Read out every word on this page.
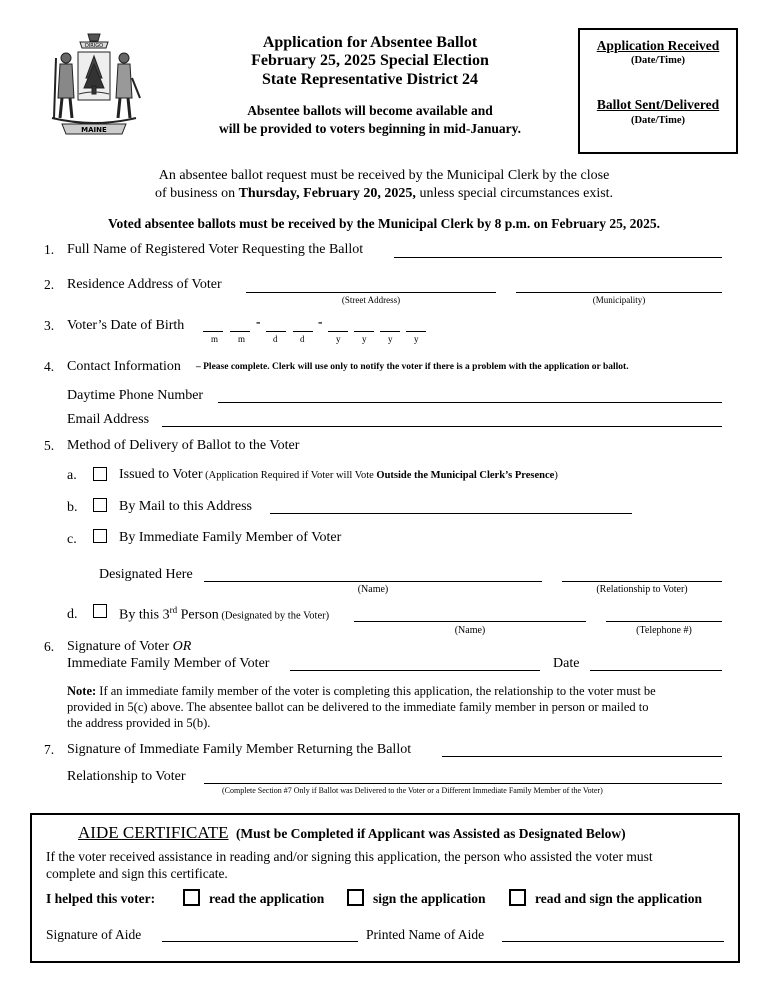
DIRIGO
MAINE
Application for Absentee Ballot
February 25, 2025 Special Election
State Representative District 24
Absentee ballots will become available and
will be provided to voters beginning in mid-January.
Application Received
(Date/Time)
Ballot Sent/Delivered
(Date/Time)
An absentee ballot request must be received by the Municipal Clerk by the close
of business on Thursday, February 20, 2025, unless special circumstances exist.
Voted absentee ballots must be received by the Municipal Clerk by 8 p.m. on February 25, 2025.
1. Full Name of Registered Voter Requesting the Ballot
2. Residence Address of Voter
(Street Address)	(Municipality)
3. Voter’s Date of Birth	-	-
m m	d	d	y y y y
4. Contact Information – Please complete. Clerk will use only to notify the voter if there is a problem with the application or ballot.
Daytime Phone Number
Email Address
5. Method of Delivery of Ballot to the Voter
a.	Issued to Voter (Application Required if Voter will Vote Outside the Municipal Clerk’s Presence)
b.	By Mail to this Address
c.	By Immediate Family Member of Voter
Designated Here
(Name)	(Relationship to Voter)
d.	By this 3rd Person (Designated by the Voter)
(Name)	(Telephone #)
6. Signature of Voter OR
Immediate Family Member of Voter	Date
Note: If an immediate family member of the voter is completing this application, the relationship to the voter must be
provided in 5(c) above. The absentee ballot can be delivered to the immediate family member in person or mailed to
the address provided in 5(b).
7. Signature of Immediate Family Member Returning the Ballot
Relationship to Voter
(Complete Section #7 Only if Ballot was Delivered to the Voter or a Different Immediate Family Member of the Voter)
AIDE CERTIFICATE (Must be Completed if Applicant was Assisted as Designated Below)
If the voter received assistance in reading and/or signing this application, the person who assisted the voter must
complete and sign this certificate.
I helped this voter:	read the application	sign the application	read and sign the application
Signature of Aide	Printed Name of Aide
